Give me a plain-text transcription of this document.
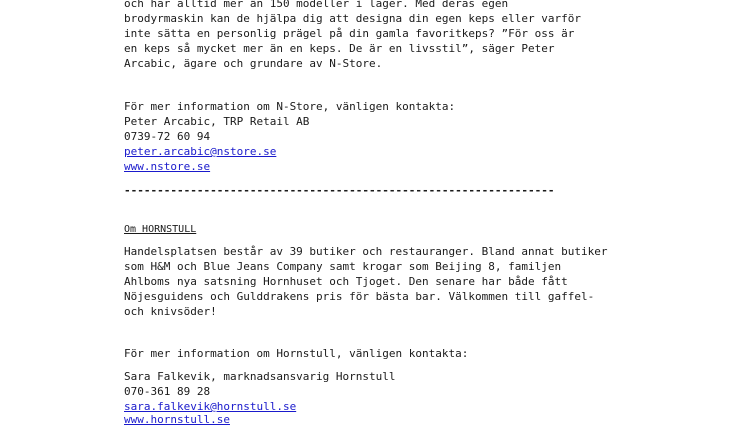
och har alltid mer än 150 modeller i lager. Med deras egen
brodyrmaskin kan de hjälpa dig att designa din egen keps eller varför
inte sätta en personlig prägel på din gamla favoritkeps? ”För oss är
en keps så mycket mer än en keps. De är en livsstil”, säger Peter
Arcabic, ägare och grundare av N-Store.
För mer information om N-Store, vänligen kontakta:
Peter Arcabic, TRP Retail AB
0739-72 60 94
peter.arcabic@nstore.se
www.nstore.se
-----------------------------------------------------------------
Om HORNSTULL
Handelsplatsen består av 39 butiker och restauranger. Bland annat butiker
som H&M och Blue Jeans Company samt krogar som Beijing 8, familjen
Ahlboms nya satsning Hornhuset och Tjoget. Den senare har både fått
Nöjesguidens och Gulddrakens pris för bästa bar. Välkommen till gaffel-
och knivsöder!
För mer information om Hornstull, vänligen kontakta:
Sara Falkevik, marknadsansvarig Hornstull
070-361 89 28
sara.falkevik@hornstull.se
www.hornstull.se
